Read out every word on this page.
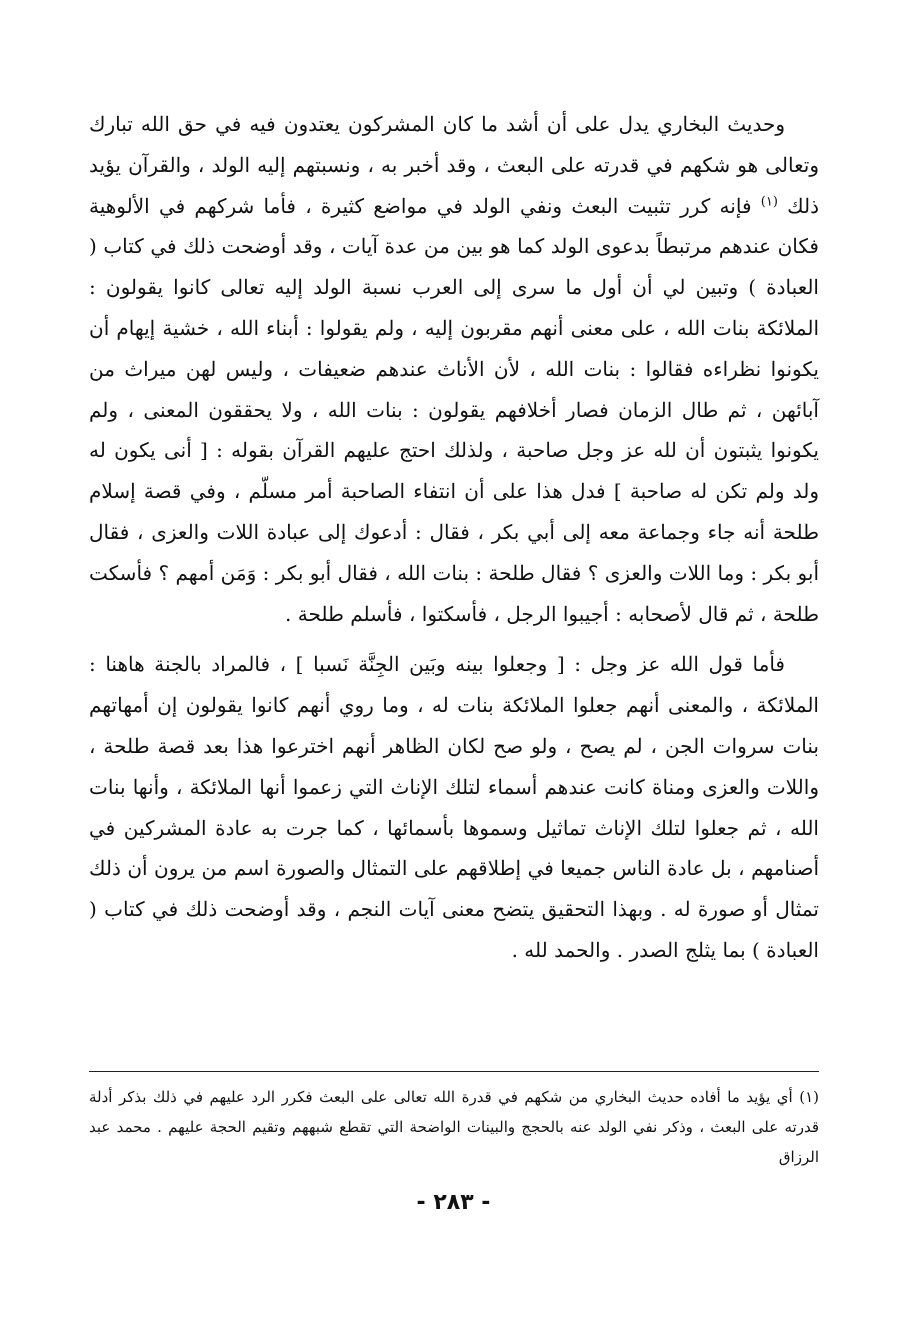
وحديث البخاري يدل على أن أشد ما كان المشركون يعتدون فيه في حق الله تبارك وتعالى هو شكهم في قدرته على البعث ، وقد أخبر به ، ونسبتهم إليه الولد ، والقرآن يؤيد ذلك $^{(١)}$ فإنه كرر تثبيت البعث ونفي الولد في مواضع كثيرة ، فأما شركهم في الألوهية فكان عندهم مرتبطاً بدعوى الولد كما هو بين من عدة آيات ، وقد أوضحت ذلك في كتاب ( العبادة ) وتبين لي أن أول ما سرى إلى العرب نسبة الولد إليه تعالى كانوا يقولون : الملائكة بنات الله ، على معنى أنهم مقربون إليه ، ولم يقولوا : أبناء الله ، خشية إيهام أن يكونوا نظراءه فقالوا : بنات الله ، لأن الأناث عندهم ضعيفات ، وليس لهن ميراث من آبائهن ، ثم طال الزمان فصار أخلافهم يقولون : بنات الله ، ولا يحققون المعنى ، ولم يكونوا يثبتون أن لله عز وجل صاحبة ، ولذلك احتج عليهم القرآن بقوله : [ أنى يكون له ولد ولم تكن له صاحبة ] فدل هذا على أن انتفاء الصاحبة أمر مسلّم ، وفي قصة إسلام طلحة أنه جاء وجماعة معه إلى أبي بكر ، فقال : أدعوك إلى عبادة اللات والعزى ، فقال أبو بكر : وما اللات والعزى ؟ فقال طلحة : بنات الله ، فقال أبو بكر : وَمَن أمهم ؟ فأسكت طلحة ، ثم قال لأصحابه : أجيبوا الرجل ، فأسكتوا ، فأسلم طلحة .

فأما قول الله عز وجل : [ وجعلوا بينه وبَين الجِنَّة نَسبا ] ، فالمراد بالجنة هاهنا : الملائكة ، والمعنى أنهم جعلوا الملائكة بنات له ، وما روي أنهم كانوا يقولون إن أمهاتهم بنات سروات الجن ، لم يصح ، ولو صح لكان الظاهر أنهم اخترعوا هذا بعد قصة طلحة ، واللات والعزى ومناة كانت عندهم أسماء لتلك الإناث التي زعموا أنها الملائكة ، وأنها بنات الله ، ثم جعلوا لتلك الإناث تماثيل وسموها بأسمائها ، كما جرت به عادة المشركين في أصنامهم ، بل عادة الناس جميعا في إطلاقهم على التمثال والصورة اسم من يرون أن ذلك تمثال أو صورة له . وبهذا التحقيق يتضح معنى آيات النجم ، وقد أوضحت ذلك في كتاب ( العبادة ) بما يثلج الصدر . والحمد لله .

(١) أي يؤيد ما أفاده حديث البخاري من شكهم في قدرة الله تعالى على البعث فكرر الرد عليهم في ذلك بذكر أدلة قدرته على البعث ، وذكر نفي الولد عنه بالحجج والبينات الواضحة التي تقطع شبههم وتقيم الحجة عليهم . محمد عبد الرزاق

- ٢٨٣ -
